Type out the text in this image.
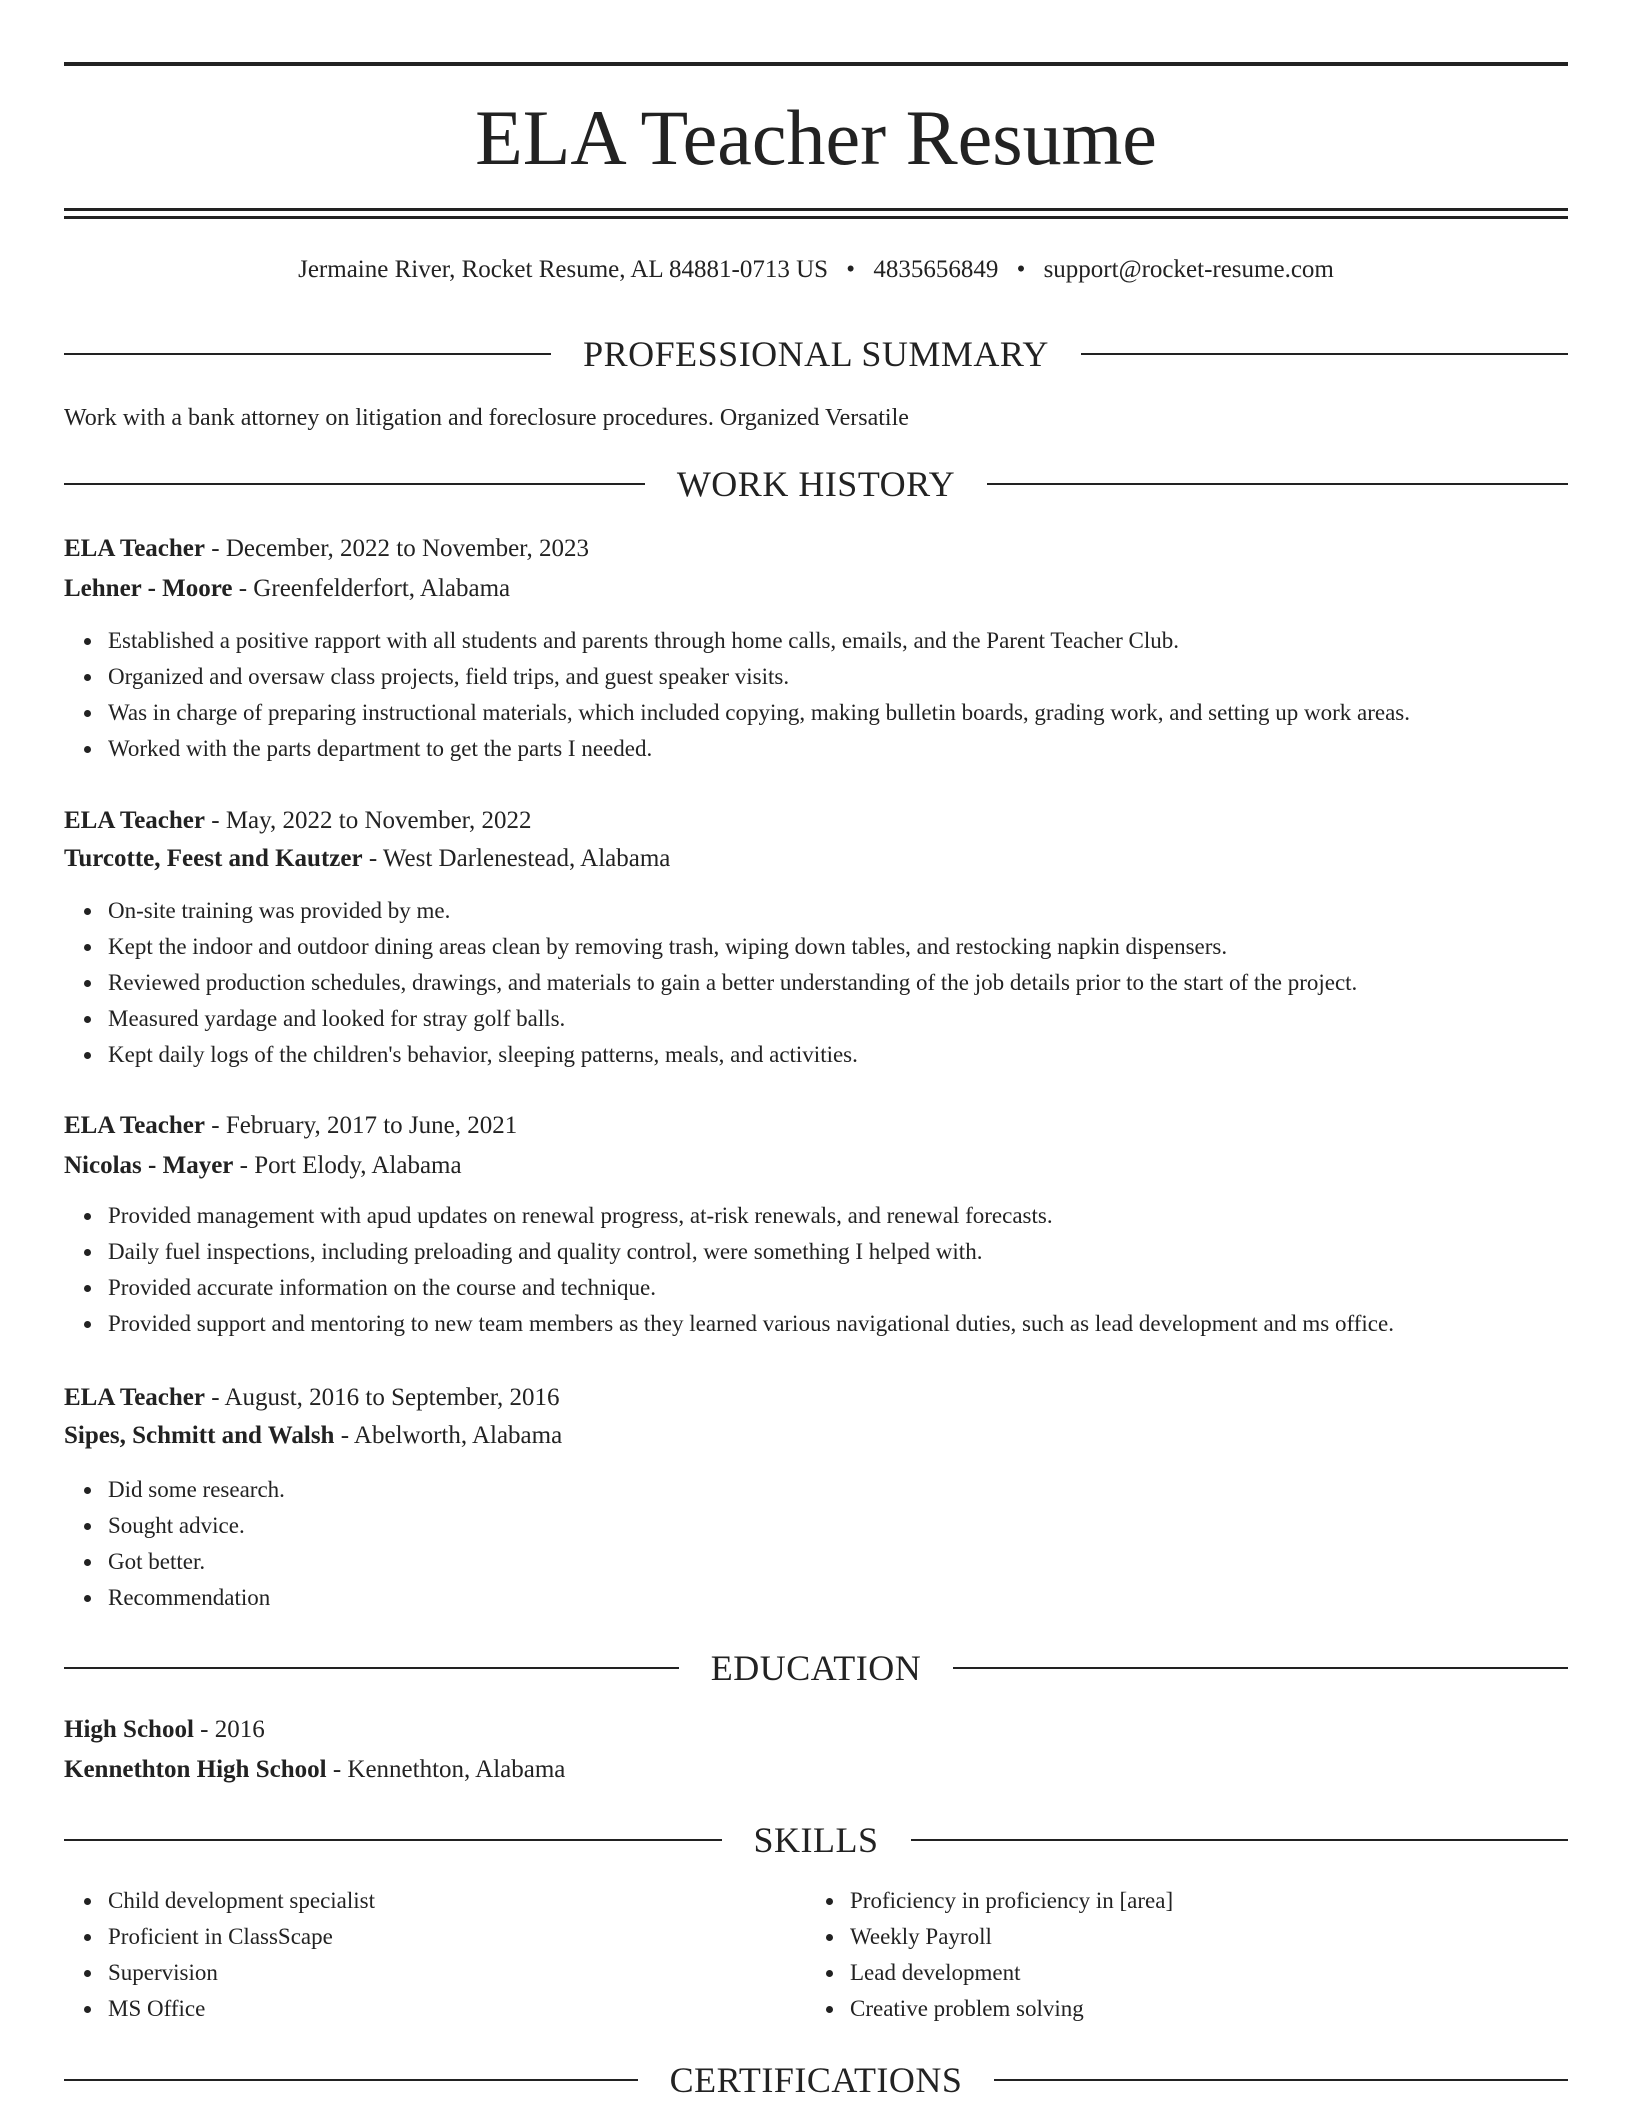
ELA Teacher Resume
Jermaine River, Rocket Resume, AL 84881-0713 US • 4835656849 • support@rocket-resume.com
PROFESSIONAL SUMMARY
Work with a bank attorney on litigation and foreclosure procedures. Organized Versatile
WORK HISTORY
ELA Teacher - December, 2022 to November, 2023
Lehner - Moore - Greenfelderfort, Alabama
Established a positive rapport with all students and parents through home calls, emails, and the Parent Teacher Club.
Organized and oversaw class projects, field trips, and guest speaker visits.
Was in charge of preparing instructional materials, which included copying, making bulletin boards, grading work, and setting up work areas.
Worked with the parts department to get the parts I needed.
ELA Teacher - May, 2022 to November, 2022
Turcotte, Feest and Kautzer - West Darlenestead, Alabama
On-site training was provided by me.
Kept the indoor and outdoor dining areas clean by removing trash, wiping down tables, and restocking napkin dispensers.
Reviewed production schedules, drawings, and materials to gain a better understanding of the job details prior to the start of the project.
Measured yardage and looked for stray golf balls.
Kept daily logs of the children's behavior, sleeping patterns, meals, and activities.
ELA Teacher - February, 2017 to June, 2021
Nicolas - Mayer - Port Elody, Alabama
Provided management with apud updates on renewal progress, at-risk renewals, and renewal forecasts.
Daily fuel inspections, including preloading and quality control, were something I helped with.
Provided accurate information on the course and technique.
Provided support and mentoring to new team members as they learned various navigational duties, such as lead development and ms office.
ELA Teacher - August, 2016 to September, 2016
Sipes, Schmitt and Walsh - Abelworth, Alabama
Did some research.
Sought advice.
Got better.
Recommendation
EDUCATION
High School - 2016
Kennethton High School - Kennethton, Alabama
SKILLS
Child development specialist
Proficient in ClassScape
Supervision
MS Office
Proficiency in proficiency in [area]
Weekly Payroll
Lead development
Creative problem solving
CERTIFICATIONS
